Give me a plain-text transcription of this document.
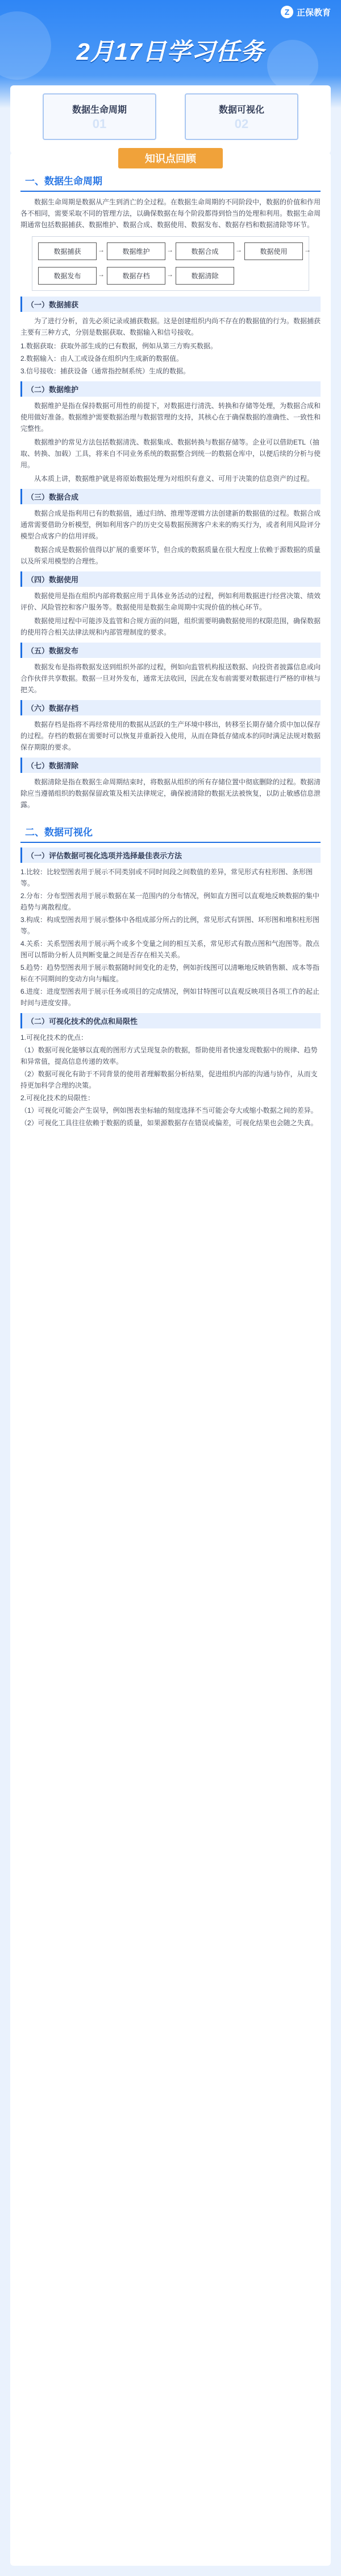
Z 正保教育
2月17日学习任务
数据生命周期
01
数据可视化
02
知识点回顾
一、数据生命周期

数据生命周期是数据从产生到消亡的全过程。在数据生命周期的不同阶段中，数据的价值和作用各不相同，需要采取不同的管理方法，以确保数据在每个阶段都得到恰当的处理和利用。数据生命周期通常包括数据捕获、数据维护、数据合成、数据使用、数据发布、数据存档和数据清除等环节。

数据捕获 →	数据维护 →	数据合成 →	数据使用 →
数据发布 →	数据存档 →	数据清除
（一）数据捕获

为了进行分析，首先必须记录或捕获数据。这是创建组织内尚不存在的数据值的行为。数据捕获主要有三种方式，分别是数据获取、数据输入和信号接收。

1.数据获取：获取外部生成的已有数据，例如从第三方购买数据。

2.数据输入：由人工或设备在组织内生成新的数据值。

3.信号接收：捕获设备（通常指控制系统）生成的数据。

（二）数据维护

数据维护是指在保持数据可用性的前提下，对数据进行清洗、转换和存储等处理，为数据合成和使用做好准备。数据维护需要数据治理与数据管理的支持，其核心在于确保数据的准确性、一致性和完整性。

数据维护的常见方法包括数据清洗、数据集成、数据转换与数据存储等。企业可以借助ETL（抽取、转换、加载）工具，将来自不同业务系统的数据整合到统一的数据仓库中，以便后续的分析与使用。

从本质上讲，数据维护就是将原始数据处理为对组织有意义、可用于决策的信息资产的过程。

（三）数据合成

数据合成是指利用已有的数据值，通过归纳、推理等逻辑方法创建新的数据值的过程。数据合成通常需要借助分析模型，例如利用客户的历史交易数据预测客户未来的购买行为，或者利用风险评分模型合成客户的信用评级。

数据合成是数据价值得以扩展的重要环节，但合成的数据质量在很大程度上依赖于源数据的质量以及所采用模型的合理性。

（四）数据使用

数据使用是指在组织内部将数据应用于具体业务活动的过程，例如利用数据进行经营决策、绩效评价、风险管控和客户服务等。数据使用是数据生命周期中实现价值的核心环节。

数据使用过程中可能涉及监管和合规方面的问题，组织需要明确数据使用的权限范围，确保数据的使用符合相关法律法规和内部管理制度的要求。

（五）数据发布

数据发布是指将数据发送到组织外部的过程，例如向监管机构报送数据、向投资者披露信息或向合作伙伴共享数据。数据一旦对外发布，通常无法收回，因此在发布前需要对数据进行严格的审核与把关。

（六）数据存档

数据存档是指将不再经常使用的数据从活跃的生产环境中移出，转移至长期存储介质中加以保存的过程。存档的数据在需要时可以恢复并重新投入使用，从而在降低存储成本的同时满足法规对数据保存期限的要求。

（七）数据清除

数据清除是指在数据生命周期结束时，将数据从组织的所有存储位置中彻底删除的过程。数据清除应当遵循组织的数据保留政策及相关法律规定，确保被清除的数据无法被恢复，以防止敏感信息泄露。

二、数据可视化
（一）评估数据可视化选项并选择最佳表示方法

1.比较：比较型图表用于展示不同类别或不同时间段之间数值的差异，常见形式有柱形图、条形图等。

2.分布：分布型图表用于展示数据在某一范围内的分布情况，例如直方图可以直观地反映数据的集中趋势与离散程度。

3.构成：构成型图表用于展示整体中各组成部分所占的比例，常见形式有饼图、环形图和堆积柱形图等。

4.关系：关系型图表用于展示两个或多个变量之间的相互关系，常见形式有散点图和气泡图等。散点图可以帮助分析人员判断变量之间是否存在相关关系。

5.趋势：趋势型图表用于展示数据随时间变化的走势，例如折线图可以清晰地反映销售额、成本等指标在不同期间的变动方向与幅度。

6.进度：进度型图表用于展示任务或项目的完成情况，例如甘特图可以直观反映项目各项工作的起止时间与进度安排。

（二）可视化技术的优点和局限性

1.可视化技术的优点：

（1）数据可视化能够以直观的图形方式呈现复杂的数据，帮助使用者快速发现数据中的规律、趋势和异常值，提高信息传递的效率。

（2）数据可视化有助于不同背景的使用者理解数据分析结果，促进组织内部的沟通与协作，从而支持更加科学合理的决策。

2.可视化技术的局限性：

（1）可视化可能会产生误导，例如图表坐标轴的刻度选择不当可能会夸大或缩小数据之间的差异。

（2）可视化工具往往依赖于数据的质量，如果源数据存在错误或偏差，可视化结果也会随之失真。
